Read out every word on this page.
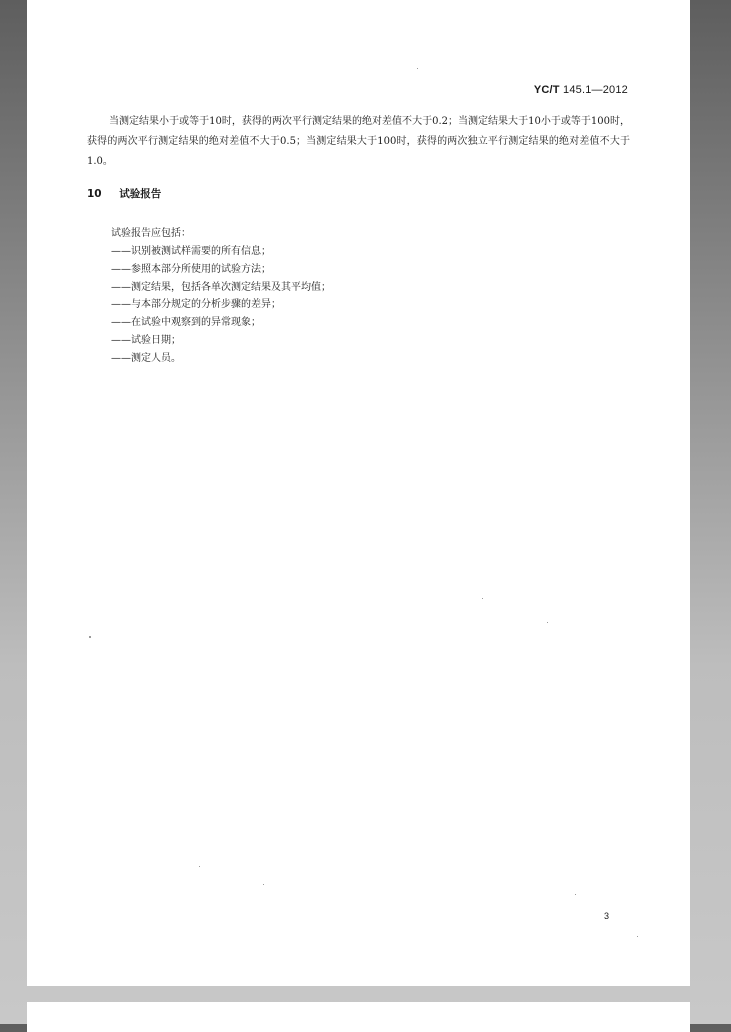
YC/T 145.1—2012
当测定结果小于或等于10时，获得的两次平行测定结果的绝对差值不大于0.2；当测定结果大于10小于或等于100时，获得的两次平行测定结果的绝对差值不大于0.5；当测定结果大于100时，获得的两次独立平行测定结果的绝对差值不大于1.0。
10 试验报告
试验报告应包括：
——识别被测试样需要的所有信息；
——参照本部分所使用的试验方法；
——测定结果，包括各单次测定结果及其平均值；
——与本部分规定的分析步骤的差异；
——在试验中观察到的异常现象；
——试验日期；
——测定人员。
3
